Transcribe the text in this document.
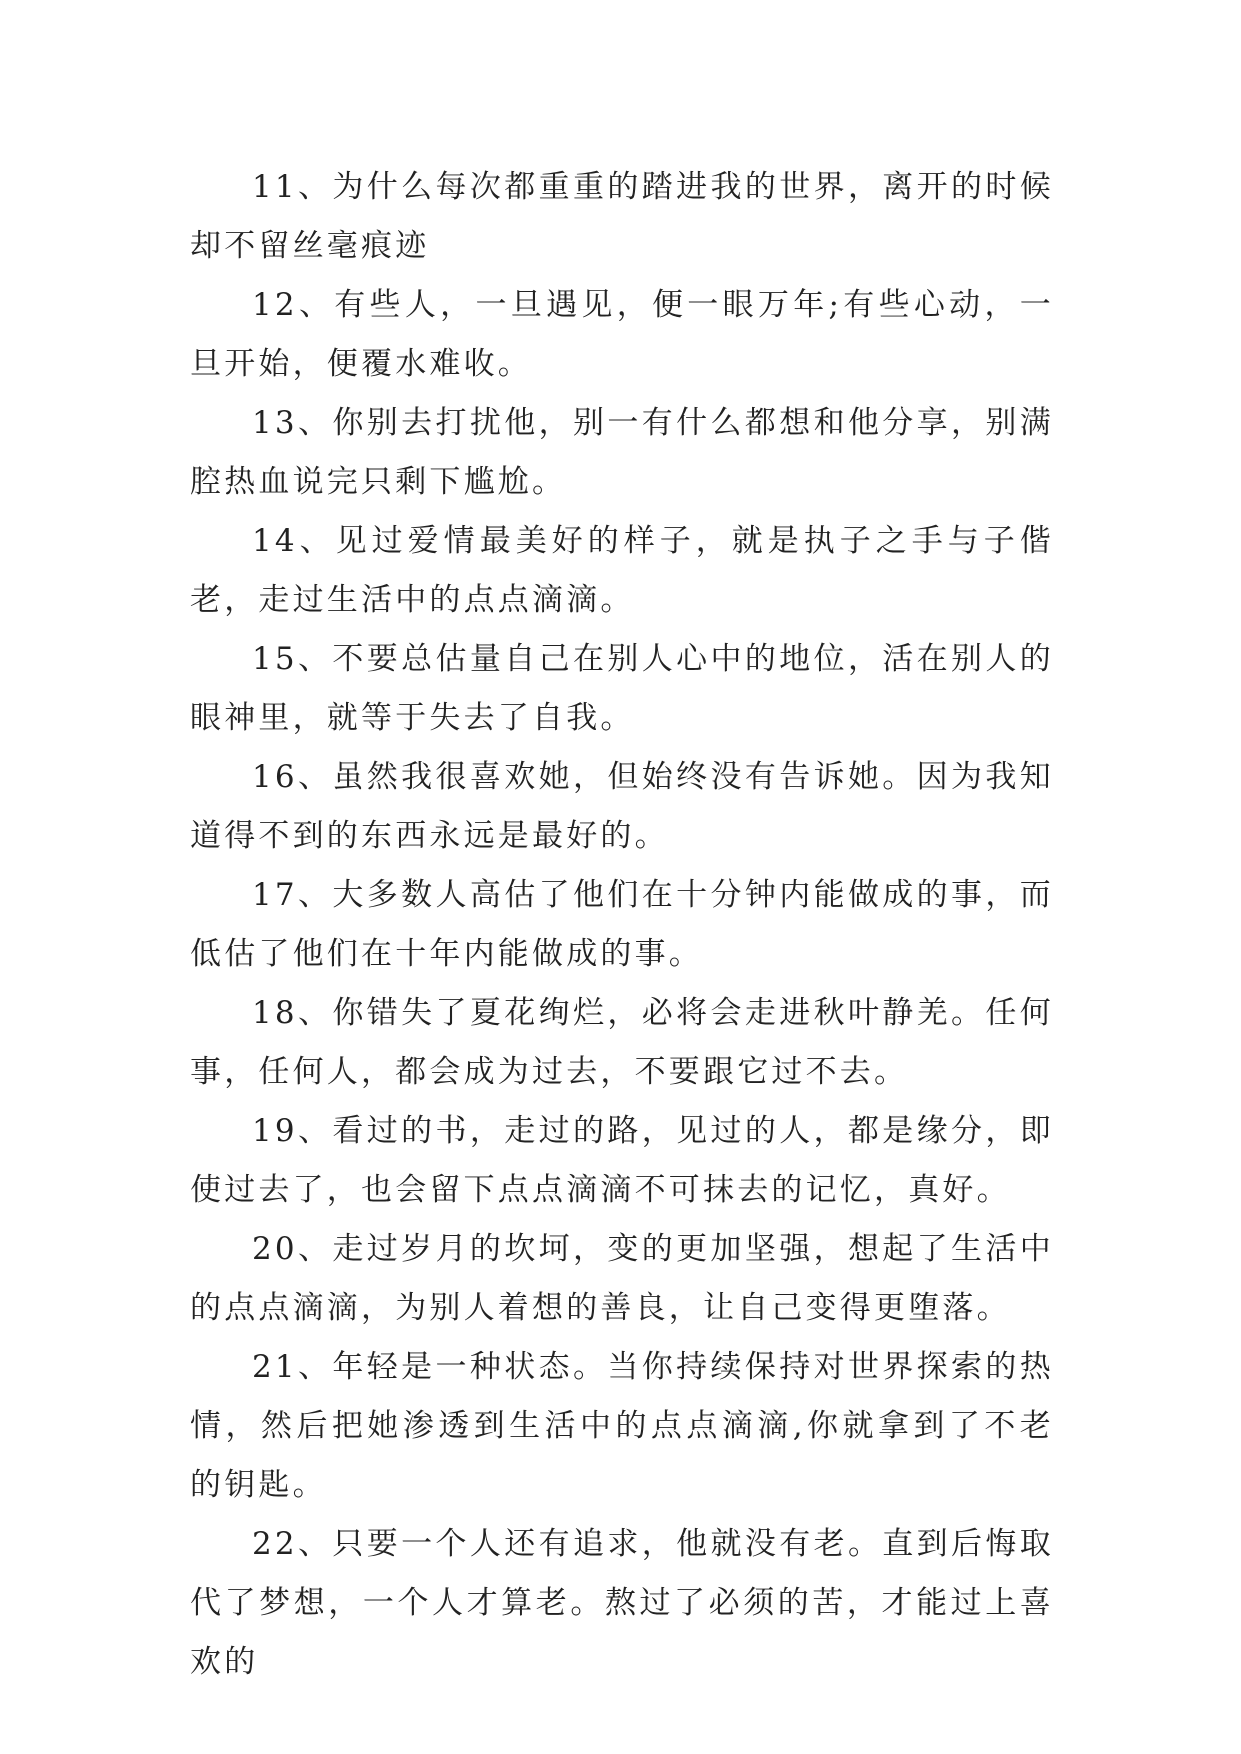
11、为什么每次都重重的踏进我的世界，离开的时候却不留丝毫痕迹

12、有些人，一旦遇见，便一眼万年;有些心动，一旦开始，便覆水难收。

13、你别去打扰他，别一有什么都想和他分享，别满腔热血说完只剩下尴尬。

14、见过爱情最美好的样子，就是执子之手与子偕老，走过生活中的点点滴滴。

15、不要总估量自己在别人心中的地位，活在别人的眼神里，就等于失去了自我。

16、虽然我很喜欢她，但始终没有告诉她。因为我知道得不到的东西永远是最好的。

17、大多数人高估了他们在十分钟内能做成的事，而低估了他们在十年内能做成的事。

18、你错失了夏花绚烂，必将会走进秋叶静羌。任何事，任何人，都会成为过去，不要跟它过不去。

19、看过的书，走过的路，见过的人，都是缘分，即使过去了，也会留下点点滴滴不可抹去的记忆，真好。

20、走过岁月的坎坷，变的更加坚强，想起了生活中的点点滴滴，为别人着想的善良，让自己变得更堕落。

21、年轻是一种状态。当你持续保持对世界探索的热情，然后把她渗透到生活中的点点滴滴,你就拿到了不老的钥匙。

22、只要一个人还有追求，他就没有老。直到后悔取代了梦想，一个人才算老。熬过了必须的苦，才能过上喜欢的
